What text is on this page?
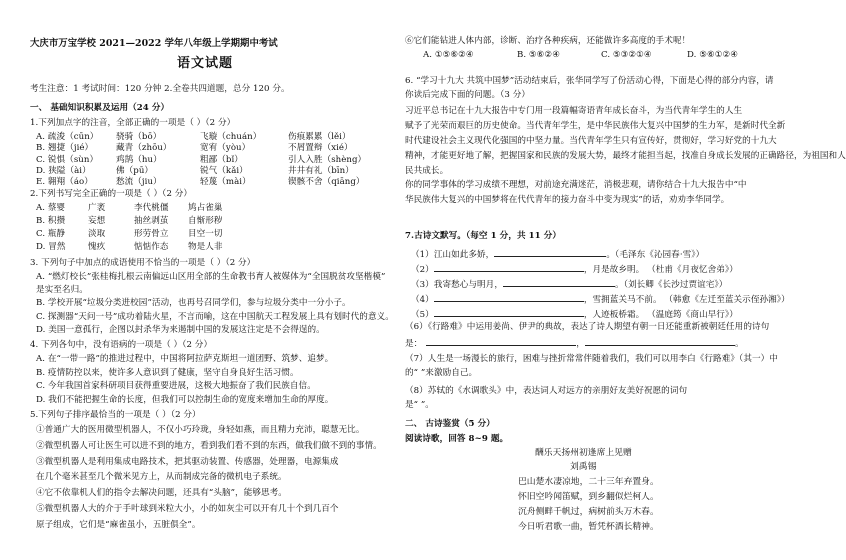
大庆市万宝学校 2021—2022 学年八年级上学期期中考试
语文试题
考生注意：1 考试时间：120 分钟 2.全卷共四道题，总分 120 分。
一、 基础知识积累及运用（24 分）
1.下列加点字的注音，全部正确的一项是（ ）（2 分）
A. 疏浚（cūn） 骁骑（bō）	飞璇（chuán）	伤痕累累（lěi）
B. 翘捷（jié）	藏青（zhōu）	宽宥（yòu）	不屑置辩（xié）
C. 锐惧（sùn） 鸡鹄（hu）	粗鄙（bǐ）	引人入胜（shèng）
D. 狭隘（ài）	佛（pū）	锐气（kǎi）	井井有礼（bīn）
E. 翱翔（áo）	愁流（jiu）	轻蔑（mài）	锲骸不舍（qiāng）
2.下列书写完全正确的一项是（ ）（2 分）
A. 蔡婴	广袤	李代桃僵 鸠占雀巢
B. 积攒	妄想	抽丝剥茧 自惭形秽
C. 瓶静	淡取	形劳骨立 目空一切
D. 冒然	愧疚	惦惦作态 物是人非
3. 下列句子中加点的成语使用不恰当的一项是（ ）（2 分）
A. “燃灯校长”张桂梅扎根云南偏远山区用全部的生命教书育人被媒体为“全国脱贫攻坚楷模”
是实至名归。
B. 学校开展“垃圾分类进校园”活动，也再号召同学们，参与垃圾分类中一分小子。
C. 探测器“天问一号”成功着陆火星，不言而喻，这在中国航天工程发展上具有划时代的意义。
D. 美国一意孤行，企图以封杀华为来遏制中国的发展这注定是不会得逞的。
4. 下列各句中，没有语病的一项是（ ）（2 分）
A. 在“一带一路”的推进过程中，中国将阿拉萨克斯坦一道团野、筑梦、追梦。
B. 疫情防控以来，使许多人意识到了健康，坚守自身良好生活习惯。
C. 今年我国首家科研项目获得重要进展，这极大地振奋了我们民族自信。
D. 我们不能把握生命的长度，但我们可以控制生命的宽度来增加生命的厚度。
5.下列句子排序最恰当的一项是（ ）（2 分）
①普通广大的医用微型机器人，不仅小巧玲珑，身轻如燕，而且精力充沛，聪慧无比。
②微型机器人可让医生可以进不到的地方，看到我们看不到的东西，做我们做不到的事情。
③微型机器人是利用集成电路技术，把其驱动装置、传感器，处理器，电源集成
在几个毫米甚至几个微米见方上，从而制成完备的微机电子系统。
④它不依靠机人们的指令去解决问题，还具有“头脑”，能够思考。
⑤微型机器人大的介于手叶球到米粒大小，小的如灰尘可以开有几十个到几百个
原子组成，它们是“麻雀虽小，五脏俱全”。
⑥它们能钻进人体内部，诊断、治疗各种疾病，还能做许多高度的手术呢！
A. ①⑤⑥②④	B. ⑤⑥②④	C. ⑤③②①④	D. ⑤⑥①②④
6. “学习十九大 共筑中国梦”活动结束后，张华同学写了份活动心得，下面是心得的部分内容，请
你读后完成下面的问题。（3 分）
习近平总书记在十九大报告中专门用一段篇幅寄语青年成长奋斗，为当代青年学生的人生
赋予了光荣而艰巨的历史使命。当代青年学生，是中华民族伟大复兴中国梦的生力军，是新时代全新
时代建设社会主义现代化强国的中坚力量。当代青年学生只有宣传好，贯彻好，学习好党的十九大
精神，才能更好地了解，把握国家和民族的发展大势，最终才能担当起，找准自身成长发展的正确路径，为祖国和人
民共成长。
你的同学事体的学习成绩不理想，对前途充满迷茫，消极悲观，请你结合十九大报告中“中
华民族伟大复兴的中国梦将在代代青年的接力奋斗中变为现实”的话，劝劝李华同学。
7.古诗文默写。（每空 1 分，共 11 分）
（1）江山如此多娇，	。（毛泽东《沁园春·雪》）
（2）	，月是故乡明。 （杜甫《月夜忆舍弟》）
（3）我寄愁心与明月，	。（刘长卿《长沙过贾谊宅》）
（4）	，雪拥蓝关马不前。 （韩愈《左迁至蓝关示侄孙湘》）
（5）	，人迹板桥霜。 （温庭筠《商山早行》）
（6）《行路难》中运用姜尚、伊尹的典故，表达了诗人期望有朝一日还能重新被朝廷任用的诗句
是：	，	。
（7）人生是一场漫长的旅行，困难与挫折常常伴随着我们，我们可以用李白《行路难》（其一）中
的“ ”来激励自己。
（8）苏轼的《水调歌头》中，表达词人对远方的亲朋好友美好祝愿的词句
是“ ”。
二、 古诗鉴赏（5 分）
阅读诗歌，回答 8~9 题。
酬乐天扬州初逢席上见赠
刘禹锡
巴山楚水凄凉地，二十三年弃置身。
怀旧空吟闻笛赋，到乡翻似烂柯人。
沉舟侧畔千帆过，病树前头万木春。
今日听君歌一曲，暂凭杯酒长精神。
